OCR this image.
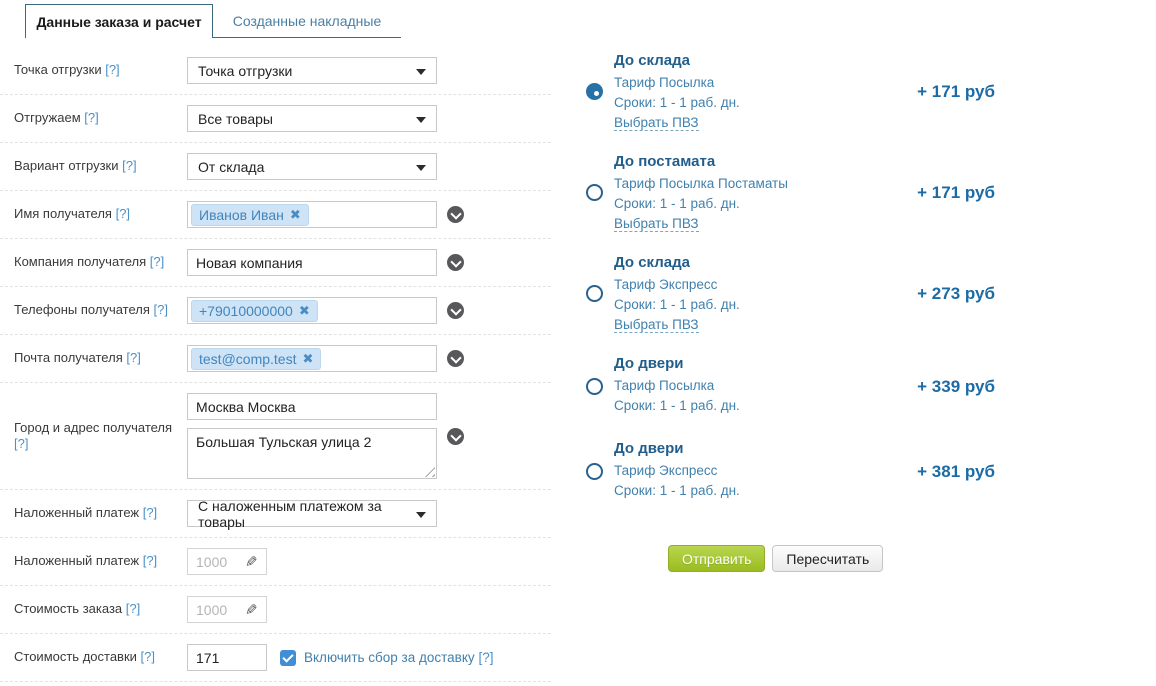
Данные заказа и расчет Созданные накладные
Точка отгрузки [?]	Точка отгрузки
Отгружаем [?]	Все товары
Вариант отгрузки [?]	От склада
Имя получателя [?]	Иванов Иван ✖
Компания получателя [?]	Новая компания
Телефоны получателя [?]	+79010000000 ✖
Почта получателя [?]	test@comp.test ✖
Город и адрес получателя [?]
Москва Москва
Большая Тульская улица 2
Наложенный платеж [?]	С наложенным платежом за товары
Наложенный платеж [?]	1000 ✎
Стоимость заказа [?]	1000 ✎
Стоимость доставки [?]	171	Включить сбор за доставку [?]
До склада
Тариф Посылка
Сроки: 1 - 1 раб. дн.
Выбрать ПВЗ
+ 171 руб
До постамата
Тариф Посылка Постаматы
Сроки: 1 - 1 раб. дн.
Выбрать ПВЗ
+ 171 руб
До склада
Тариф Экспресс
Сроки: 1 - 1 раб. дн.
Выбрать ПВЗ
+ 273 руб
До двери
Тариф Посылка
Сроки: 1 - 1 раб. дн.
+ 339 руб
До двери
Тариф Экспресс
Сроки: 1 - 1 раб. дн.
+ 381 руб
Отправить	Пересчитать
